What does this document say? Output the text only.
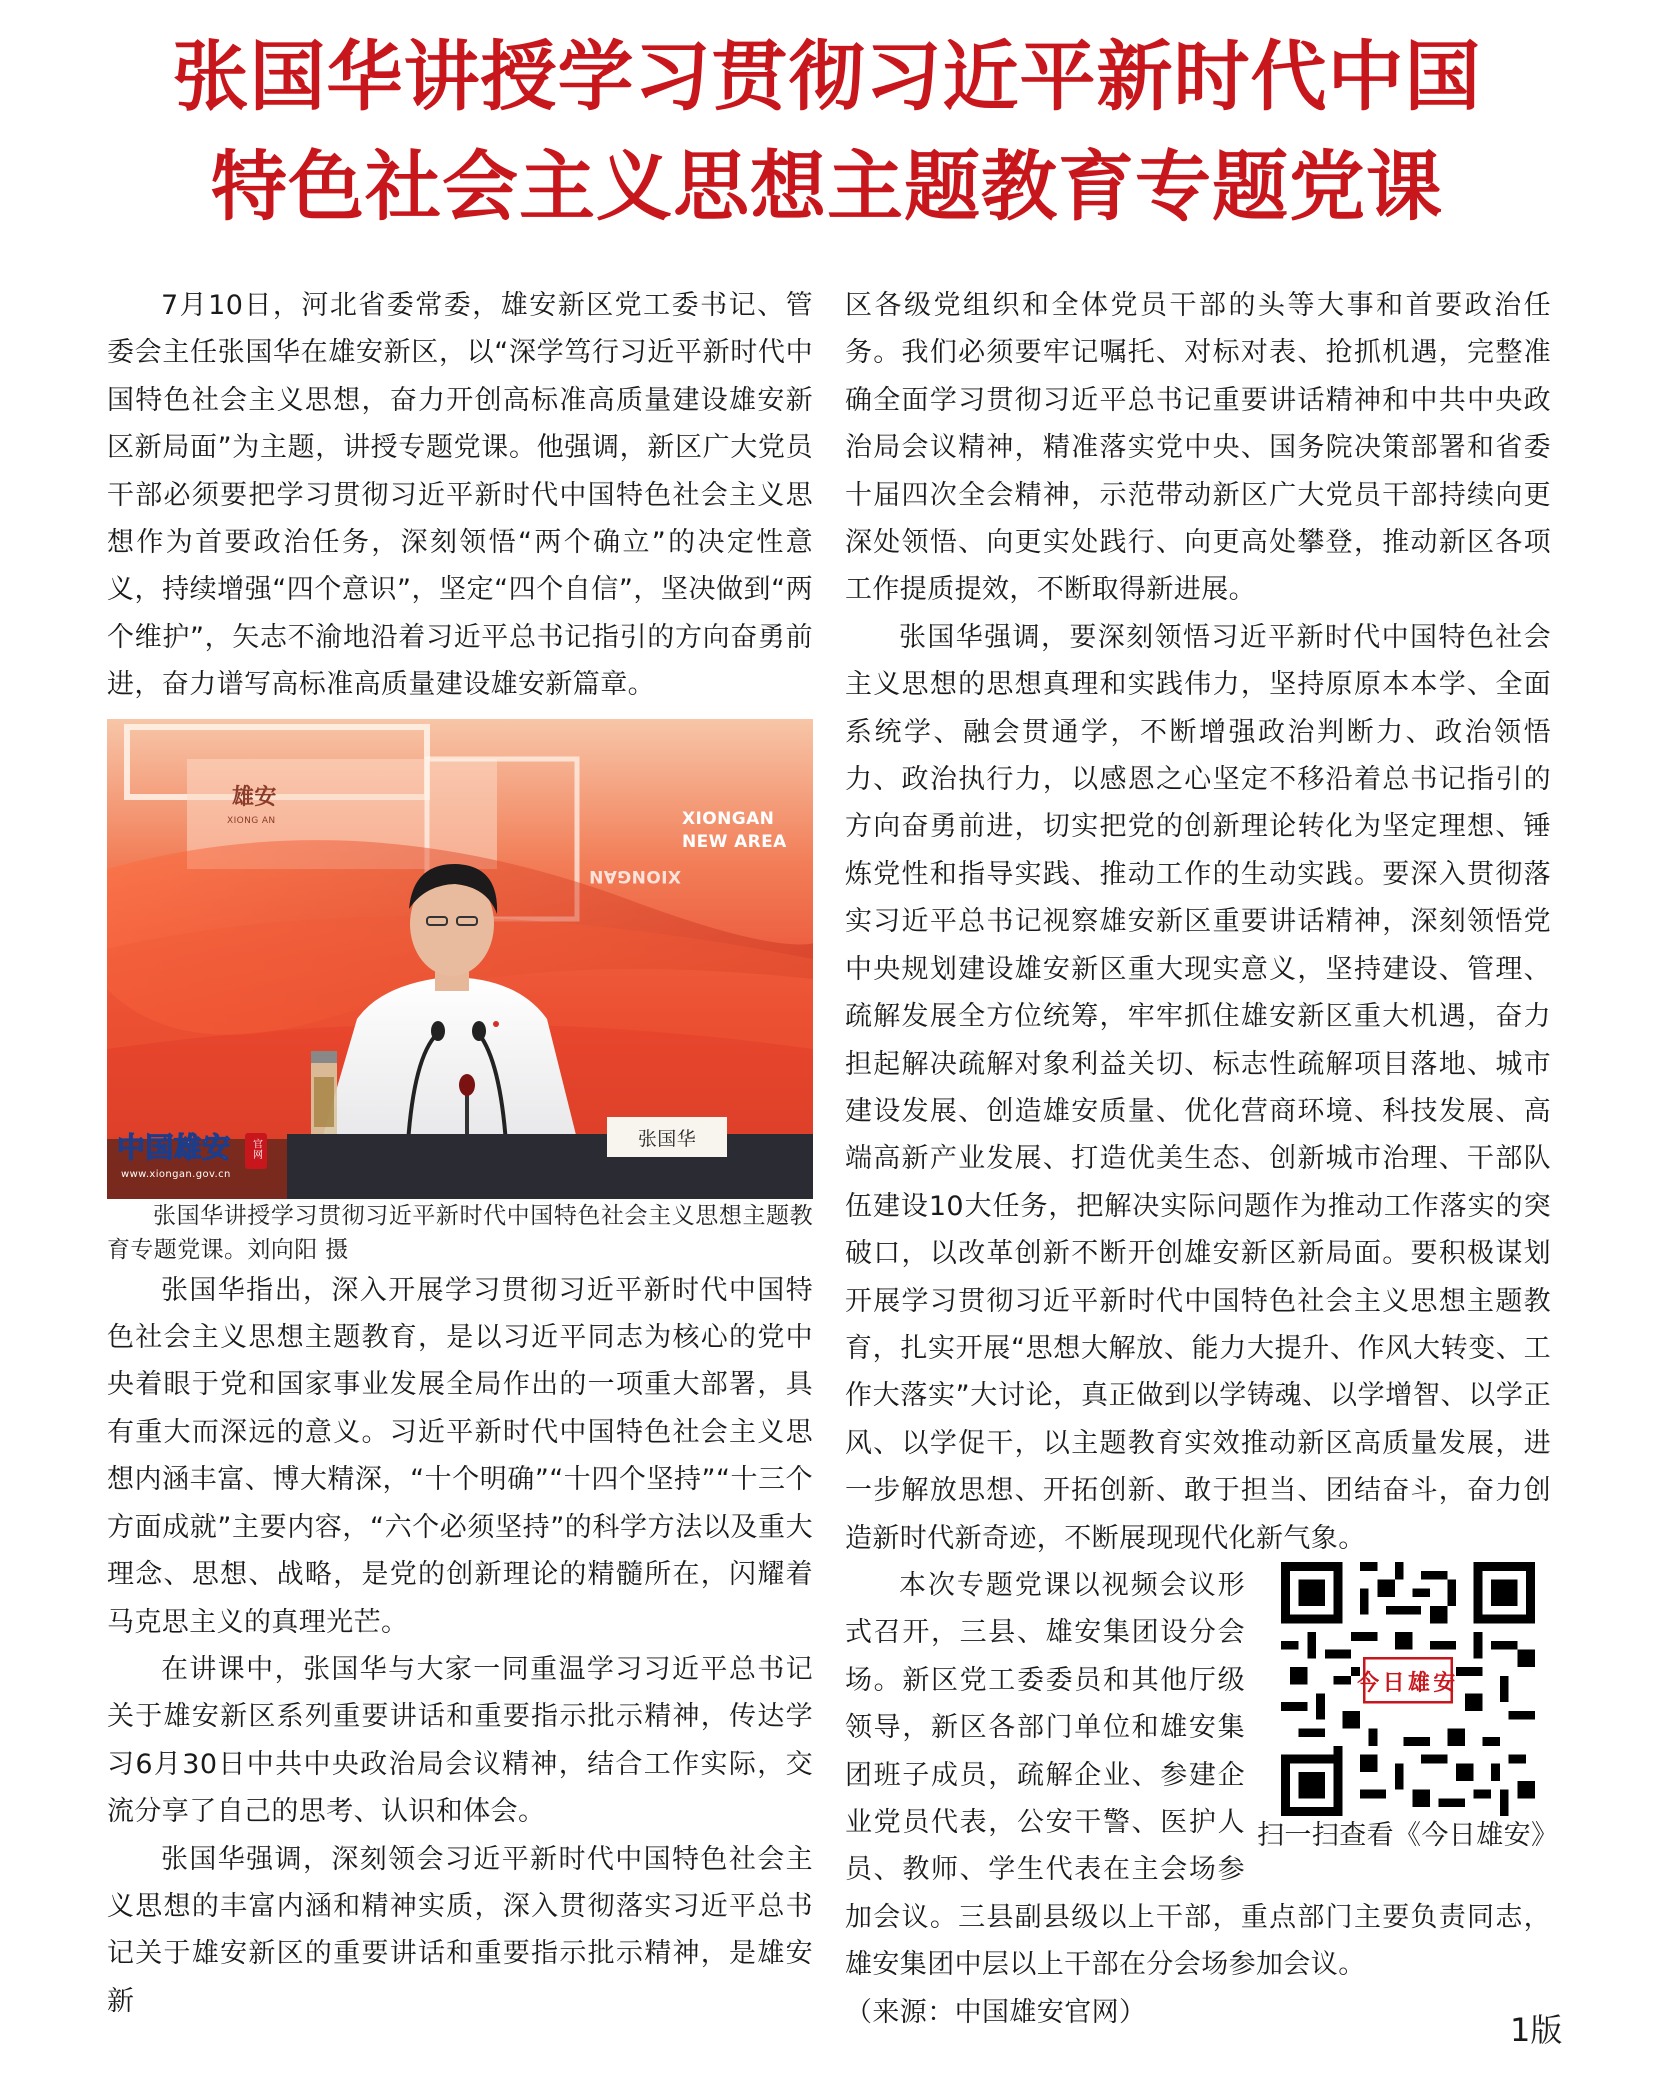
张国华讲授学习贯彻习近平新时代中国
特色社会主义思想主题教育专题党课

7月10日，河北省委常委，雄安新区党工委书记、管委会主任张国华在雄安新区，以“深学笃行习近平新时代中国特色社会主义思想，奋力开创高标准高质量建设雄安新区新局面”为主题，讲授专题党课。他强调，新区广大党员干部必须要把学习贯彻习近平新时代中国特色社会主义思想作为首要政治任务，深刻领悟“两个确立”的决定性意义，持续增强“四个意识”，坚定“四个自信”，坚决做到“两个维护”，矢志不渝地沿着习近平总书记指引的方向奋勇前进，奋力谱写高标准高质量建设雄安新篇章。

雄安
XIONG AN	XIONGAN
NEW AREA
XIONGAN
张国华
中国雄安 官网
www.xiongan.gov.cn

张国华讲授学习贯彻习近平新时代中国特色社会主义思想主题教育专题党课。刘向阳 摄

张国华指出，深入开展学习贯彻习近平新时代中国特色社会主义思想主题教育，是以习近平同志为核心的党中央着眼于党和国家事业发展全局作出的一项重大部署，具有重大而深远的意义。习近平新时代中国特色社会主义思想内涵丰富、博大精深，“十个明确”“十四个坚持”“十三个方面成就”主要内容，“六个必须坚持”的科学方法以及重大理念、思想、战略，是党的创新理论的精髓所在，闪耀着马克思主义的真理光芒。

在讲课中，张国华与大家一同重温学习习近平总书记关于雄安新区系列重要讲话和重要指示批示精神，传达学习6月30日中共中央政治局会议精神，结合工作实际，交流分享了自己的思考、认识和体会。

张国华强调，深刻领会习近平新时代中国特色社会主义思想的丰富内涵和精神实质，深入贯彻落实习近平总书记关于雄安新区的重要讲话和重要指示批示精神，是雄安新

区各级党组织和全体党员干部的头等大事和首要政治任务。我们必须要牢记嘱托、对标对表、抢抓机遇，完整准确全面学习贯彻习近平总书记重要讲话精神和中共中央政治局会议精神，精准落实党中央、国务院决策部署和省委十届四次全会精神，示范带动新区广大党员干部持续向更深处领悟、向更实处践行、向更高处攀登，推动新区各项工作提质提效，不断取得新进展。

张国华强调，要深刻领悟习近平新时代中国特色社会主义思想的思想真理和实践伟力，坚持原原本本学、全面系统学、融会贯通学，不断增强政治判断力、政治领悟力、政治执行力，以感恩之心坚定不移沿着总书记指引的方向奋勇前进，切实把党的创新理论转化为坚定理想、锤炼党性和指导实践、推动工作的生动实践。要深入贯彻落实习近平总书记视察雄安新区重要讲话精神，深刻领悟党中央规划建设雄安新区重大现实意义，坚持建设、管理、疏解发展全方位统筹，牢牢抓住雄安新区重大机遇，奋力担起解决疏解对象利益关切、标志性疏解项目落地、城市建设发展、创造雄安质量、优化营商环境、科技发展、高端高新产业发展、打造优美生态、创新城市治理、干部队伍建设10大任务，把解决实际问题作为推动工作落实的突破口，以改革创新不断开创雄安新区新局面。要积极谋划开展学习贯彻习近平新时代中国特色社会主义思想主题教育，扎实开展“思想大解放、能力大提升、作风大转变、工作大落实”大讨论，真正做到以学铸魂、以学增智、以学正风、以学促干，以主题教育实效推动新区高质量发展，进一步解放思想、开拓创新、敢于担当、团结奋斗，奋力创造新时代新奇迹，不断展现现代化新气象。

今日雄安
扫一扫查看《今日雄安》

本次专题党课以视频会议形式召开，三县、雄安集团设分会场。新区党工委委员和其他厅级领导，新区各部门单位和雄安集团班子成员，疏解企业、参建企业党员代表，公安干警、医护人员、教师、学生代表在主会场参加会议。三县副县级以上干部，重点部门主要负责同志，雄安集团中层以上干部在分会场参加会议。

（来源：中国雄安官网）	1版
